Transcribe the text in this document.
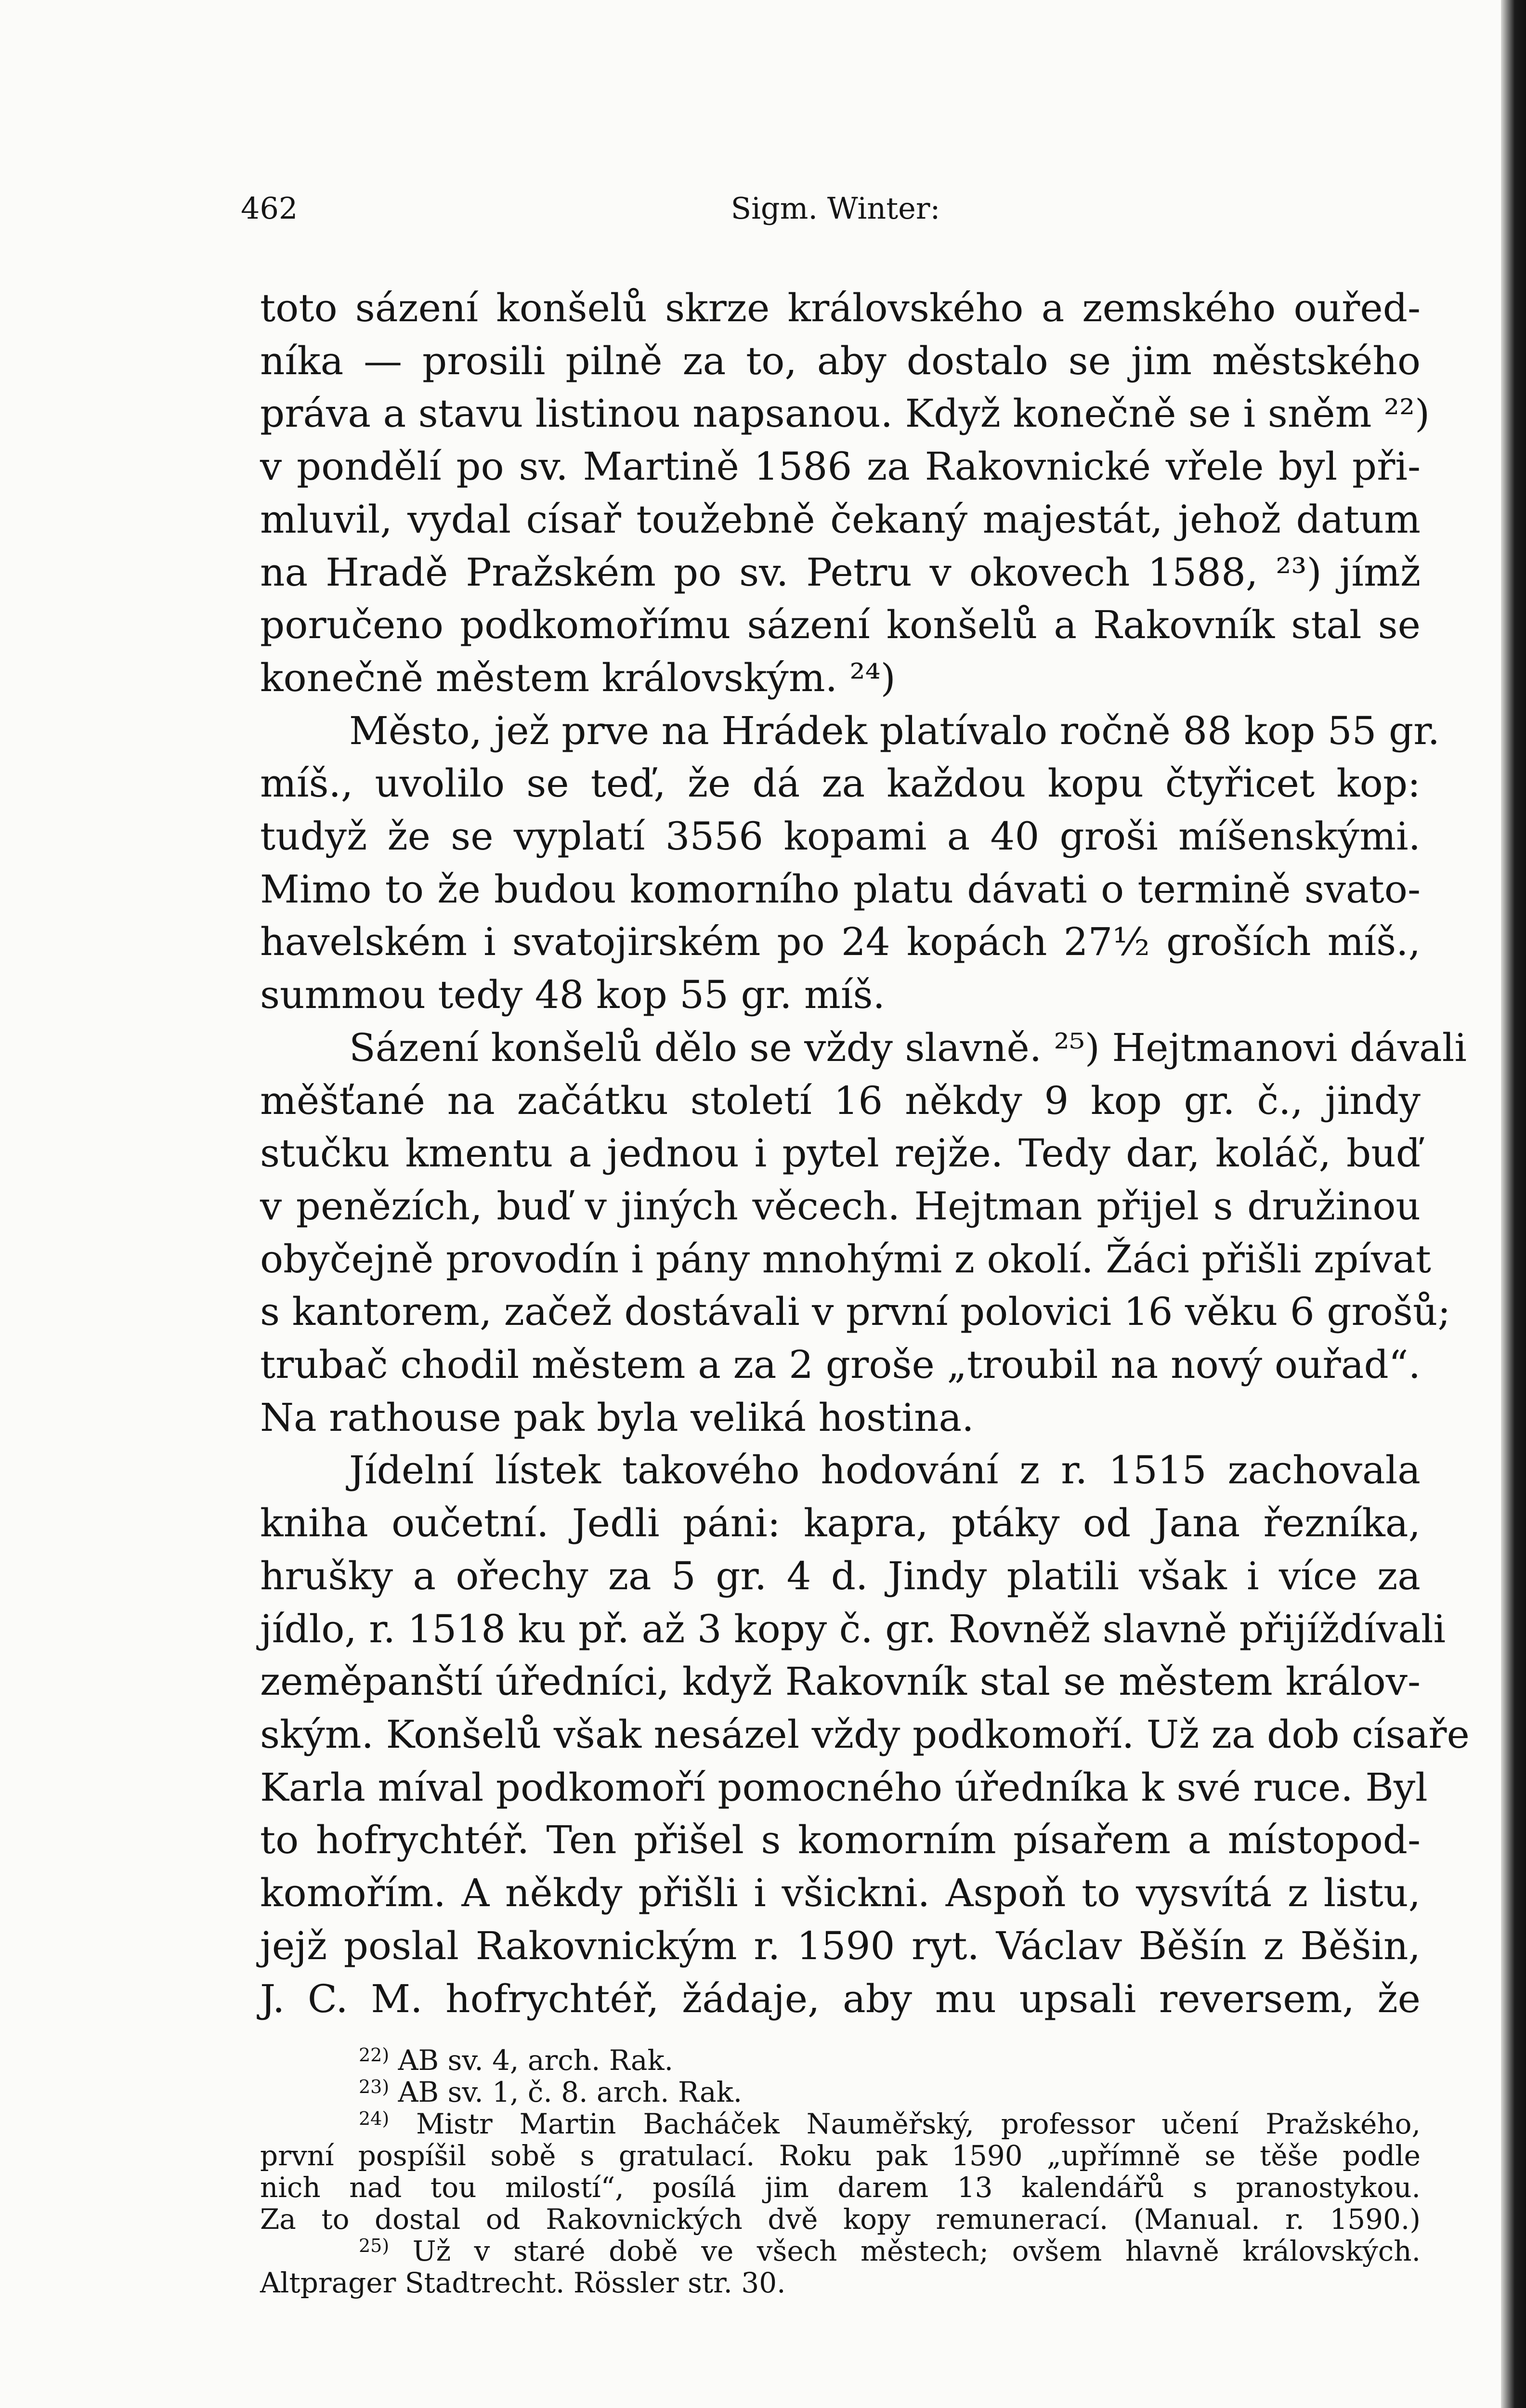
462	Sigm. Winter:
toto sázení konšelů skrze královského a zemského ouřed-
níka — prosili pilně za to, aby dostalo se jim městského
práva a stavu listinou napsanou. Když konečně se i sněm ²²)
v pondělí po sv. Martině 1586 za Rakovnické vřele byl při-
mluvil, vydal císař toužebně čekaný majestát, jehož datum
na Hradě Pražském po sv. Petru v okovech 1588, ²³) jímž
poručeno podkomořímu sázení konšelů a Rakovník stal se
konečně městem královským. ²⁴)
Město, jež prve na Hrádek platívalo ročně 88 kop 55 gr.
míš., uvolilo se teď, že dá za každou kopu čtyřicet kop:
tudyž že se vyplatí 3556 kopami a 40 groši míšenskými.
Mimo to že budou komorního platu dávati o termině svato-
havelském i svatojirském po 24 kopách 27½ groších míš.,
summou tedy 48 kop 55 gr. míš.
Sázení konšelů dělo se vždy slavně. ²⁵) Hejtmanovi dávali
měšťané na začátku století 16 někdy 9 kop gr. č., jindy
stučku kmentu a jednou i pytel rejže. Tedy dar, koláč, buď
v penězích, buď v jiných věcech. Hejtman přijel s družinou
obyčejně provodín i pány mnohými z okolí. Žáci přišli zpívat
s kantorem, začež dostávali v první polovici 16 věku 6 grošů;
trubač chodil městem a za 2 groše „troubil na nový ouřad“.
Na rathouse pak byla veliká hostina.
Jídelní lístek takového hodování z r. 1515 zachovala
kniha oučetní. Jedli páni: kapra, ptáky od Jana řezníka,
hrušky a ořechy za 5 gr. 4 d. Jindy platili však i více za
jídlo, r. 1518 ku př. až 3 kopy č. gr. Rovněž slavně přijíždívali
zeměpanští úředníci, když Rakovník stal se městem králov-
ským. Konšelů však nesázel vždy podkomoří. Už za dob císaře
Karla míval podkomoří pomocného úředníka k své ruce. Byl
to hofrychtéř. Ten přišel s komorním písařem a místopod-
komořím. A někdy přišli i všickni. Aspoň to vysvítá z listu,
jejž poslal Rakovnickým r. 1590 ryt. Václav Běšín z Běšin,
J. C. M. hofrychtéř, žádaje, aby mu upsali reversem, že
$^{22)}$ AB sv. 4, arch. Rak.
$^{23)}$ AB sv. 1, č. 8. arch. Rak.
$^{24)}$ Mistr Martin Bacháček Nauměřský, professor učení Pražského,
první pospíšil sobě s gratulací. Roku pak 1590 „upřímně se těše podle
nich nad tou milostí“, posílá jim darem 13 kalendářů s pranostykou.
Za to dostal od Rakovnických dvě kopy remunerací. (Manual. r. 1590.)
$^{25)}$ Už v staré době ve všech městech; ovšem hlavně královských.
Altprager Stadtrecht. Rössler str. 30.
